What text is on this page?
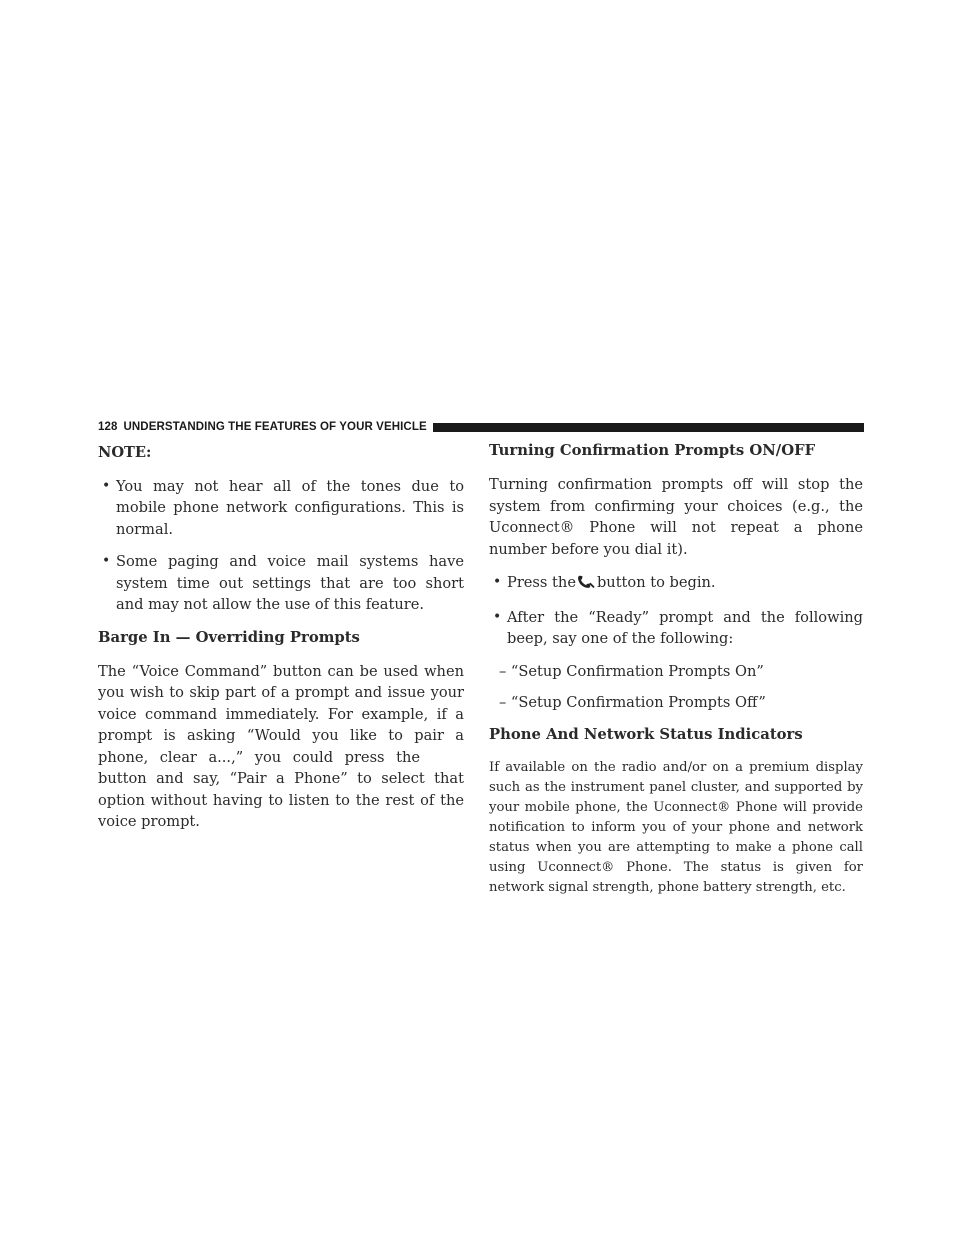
128 UNDERSTANDING THE FEATURES OF YOUR VEHICLE

NOTE:

• You may not hear all of the tones due to mobile phone network configurations. This is normal.
• Some paging and voice mail systems have system time out settings that are too short and may not allow the use of this feature.
Barge In — Overriding Prompts

The “Voice Command” button can be used when you wish to skip part of a prompt and issue your voice command immediately. For example, if a prompt is asking “Would you like to pair a phone, clear a...,” you could press thebutton and say, “Pair a Phone” to select that option without having to listen to the rest of the voice prompt.

Turning Confirmation Prompts ON/OFF

Turning confirmation prompts off will stop the system from confirming your choices (e.g., the Uconnect® Phone will not repeat a phone number before you dial it).

• Press the button to begin.
• After the “Ready” prompt and the following beep, say one of the following:
– “Setup Confirmation Prompts On”
– “Setup Confirmation Prompts Off”
Phone And Network Status Indicators

If available on the radio and/or on a premium display such as the instrument panel cluster, and supported by your mobile phone, the Uconnect® Phone will provide notification to inform you of your phone and network status when you are attempting to make a phone call using Uconnect® Phone. The status is given for network signal strength, phone battery strength, etc.
